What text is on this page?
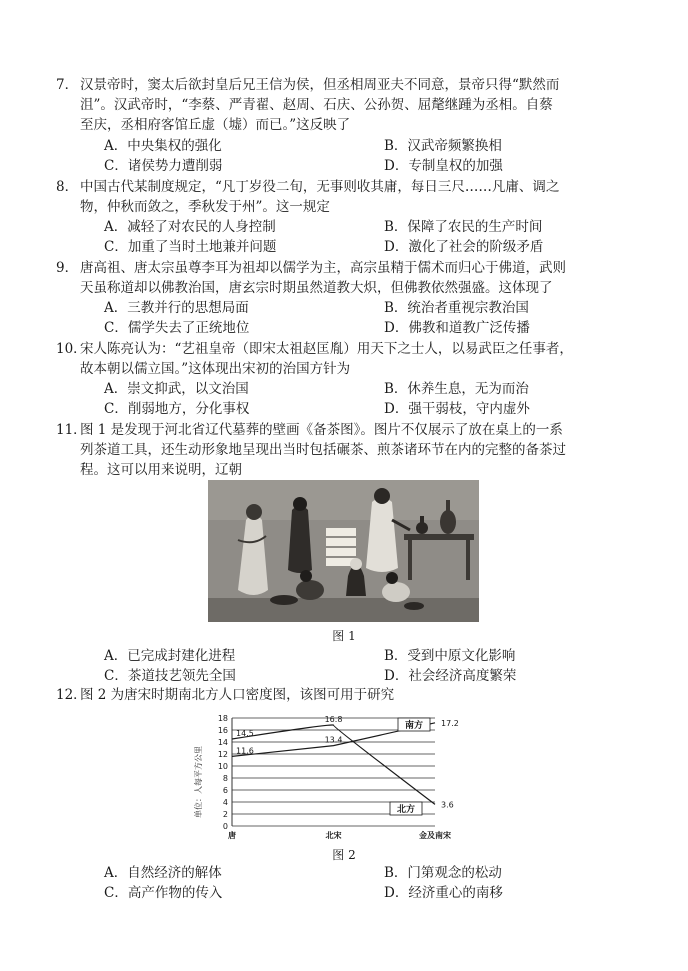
7． 汉景帝时，窦太后欲封皇后兄王信为侯，但丞相周亚夫不同意，景帝只得“默然而

沮”。汉武帝时，“李蔡、严青翟、赵周、石庆、公孙贺、屈氂继踵为丞相。自蔡

至庆，丞相府客馆丘虚（墟）而已。”这反映了

A．中央集权的强化	B．汉武帝频繁换相
C．诸侯势力遭削弱	D．专制皇权的加强
8． 中国古代某制度规定，“凡丁岁役二旬，无事则收其庸，每日三尺……凡庸、调之

物，仲秋而敛之，季秋发于州”。这一规定

A．减轻了对农民的人身控制	B．保障了农民的生产时间
C．加重了当时土地兼并问题	D．激化了社会的阶级矛盾
9． 唐高祖、唐太宗虽尊李耳为祖却以儒学为主，高宗虽精于儒术而归心于佛道，武则

天虽称道却以佛教治国，唐玄宗时期虽然道教大炽，但佛教依然强盛。这体现了

A．三教并行的思想局面	B．统治者重视宗教治国
C．儒学失去了正统地位	D．佛教和道教广泛传播
10．

宋人陈亮认为：“艺祖皇帝（即宋太祖赵匡胤）用天下之士人，以易武臣之任事者，

故本朝以儒立国。”这体现出宋初的治国方针为

A．崇文抑武，以文治国	B．休养生息，无为而治
C．削弱地方，分化事权	D．强干弱枝，守内虚外
11．

图 1 是发现于河北省辽代墓葬的壁画《备茶图》。图片不仅展示了放在桌上的一系

列茶道工具，还生动形象地呈现出当时包括碾茶、煎茶诸环节在内的完整的备茶过

程。这可以用来说明，辽朝

图 1
A．已完成封建化进程	B．受到中原文化影响
C．茶道技艺领先全国	D．社会经济高度繁荣
12．

图 2 为唐宋时期南北方人口密度图，该图可用于研究

单位：人每平方公里
0
2
4
6
8
10
12
14
16
18
唐	北宋	金及南宋
14.5
16.8	17.2
11.6
13.4
3.6
南方
北方
图 2
A．自然经济的解体	B．门第观念的松动
C．高产作物的传入	D．经济重心的南移
